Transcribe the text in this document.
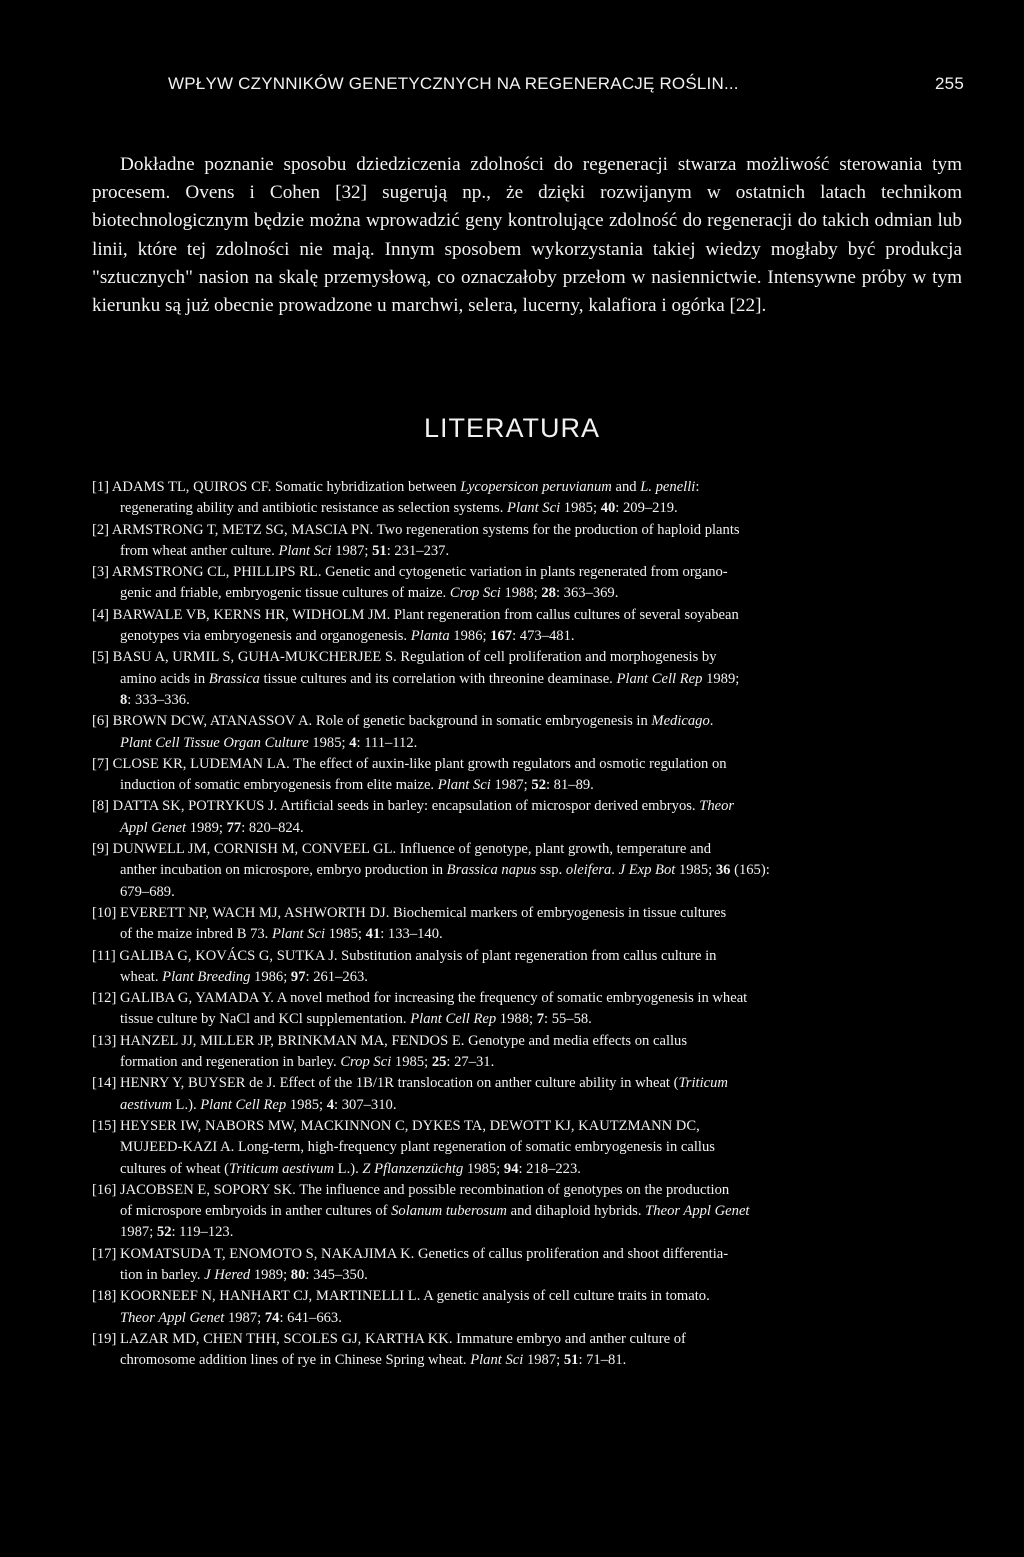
WPŁYW CZYNNIKÓW GENETYCZNYCH NA REGENERACJĘ ROŚLIN...	255

Dokładne poznanie sposobu dziedziczenia zdolności do regeneracji stwarza możliwość sterowania tym procesem. Ovens i Cohen [32] sugerują np., że dzięki rozwijanym w ostatnich latach technikom biotechnologicznym będzie można wprowadzić geny kontrolujące zdolność do regeneracji do takich odmian lub linii, które tej zdolności nie mają. Innym sposobem wykorzystania takiej wiedzy mogłaby być produkcja "sztucznych" nasion na skalę przemysłową, co oznaczałoby przełom w nasiennictwie. Intensywne próby w tym kierunku są już obecnie prowadzone u marchwi, selera, lucerny, kalafiora i ogórka [22].

LITERATURA
[1] ADAMS TL, QUIROS CF. Somatic hybridization between Lycopersicon peruvianum and L. penelli:
regenerating ability and antibiotic resistance as selection systems. Plant Sci 1985; 40: 209–219.
[2] ARMSTRONG T, METZ SG, MASCIA PN. Two regeneration systems for the production of haploid plants
from wheat anther culture. Plant Sci 1987; 51: 231–237.
[3] ARMSTRONG CL, PHILLIPS RL. Genetic and cytogenetic variation in plants regenerated from organo-
genic and friable, embryogenic tissue cultures of maize. Crop Sci 1988; 28: 363–369.
[4] BARWALE VB, KERNS HR, WIDHOLM JM. Plant regeneration from callus cultures of several soyabean
genotypes via embryogenesis and organogenesis. Planta 1986; 167: 473–481.
[5] BASU A, URMIL S, GUHA-MUKCHERJEE S. Regulation of cell proliferation and morphogenesis by
amino acids in Brassica tissue cultures and its correlation with threonine deaminase. Plant Cell Rep 1989;
8: 333–336.
[6] BROWN DCW, ATANASSOV A. Role of genetic background in somatic embryogenesis in Medicago.
Plant Cell Tissue Organ Culture 1985; 4: 111–112.
[7] CLOSE KR, LUDEMAN LA. The effect of auxin-like plant growth regulators and osmotic regulation on
induction of somatic embryogenesis from elite maize. Plant Sci 1987; 52: 81–89.
[8] DATTA SK, POTRYKUS J. Artificial seeds in barley: encapsulation of microspor derived embryos. Theor
Appl Genet 1989; 77: 820–824.
[9] DUNWELL JM, CORNISH M, CONVEEL GL. Influence of genotype, plant growth, temperature and
anther incubation on microspore, embryo production in Brassica napus ssp. oleifera. J Exp Bot 1985; 36 (165):
679–689.
[10] EVERETT NP, WACH MJ, ASHWORTH DJ. Biochemical markers of embryogenesis in tissue cultures
of the maize inbred B 73. Plant Sci 1985; 41: 133–140.
[11] GALIBA G, KOVÁCS G, SUTKA J. Substitution analysis of plant regeneration from callus culture in
wheat. Plant Breeding 1986; 97: 261–263.
[12] GALIBA G, YAMADA Y. A novel method for increasing the frequency of somatic embryogenesis in wheat
tissue culture by NaCl and KCl supplementation. Plant Cell Rep 1988; 7: 55–58.
[13] HANZEL JJ, MILLER JP, BRINKMAN MA, FENDOS E. Genotype and media effects on callus
formation and regeneration in barley. Crop Sci 1985; 25: 27–31.
[14] HENRY Y, BUYSER de J. Effect of the 1B/1R translocation on anther culture ability in wheat (Triticum
aestivum L.). Plant Cell Rep 1985; 4: 307–310.
[15] HEYSER IW, NABORS MW, MACKINNON C, DYKES TA, DEWOTT KJ, KAUTZMANN DC,
MUJEED-KAZI A. Long-term, high-frequency plant regeneration of somatic embryogenesis in callus
cultures of wheat (Triticum aestivum L.). Z Pflanzenzüchtg 1985; 94: 218–223.
[16] JACOBSEN E, SOPORY SK. The influence and possible recombination of genotypes on the production
of microspore embryoids in anther cultures of Solanum tuberosum and dihaploid hybrids. Theor Appl Genet
1987; 52: 119–123.
[17] KOMATSUDA T, ENOMOTO S, NAKAJIMA K. Genetics of callus proliferation and shoot differentia-
tion in barley. J Hered 1989; 80: 345–350.
[18] KOORNEEF N, HANHART CJ, MARTINELLI L. A genetic analysis of cell culture traits in tomato.
Theor Appl Genet 1987; 74: 641–663.
[19] LAZAR MD, CHEN THH, SCOLES GJ, KARTHA KK. Immature embryo and anther culture of
chromosome addition lines of rye in Chinese Spring wheat. Plant Sci 1987; 51: 71–81.
